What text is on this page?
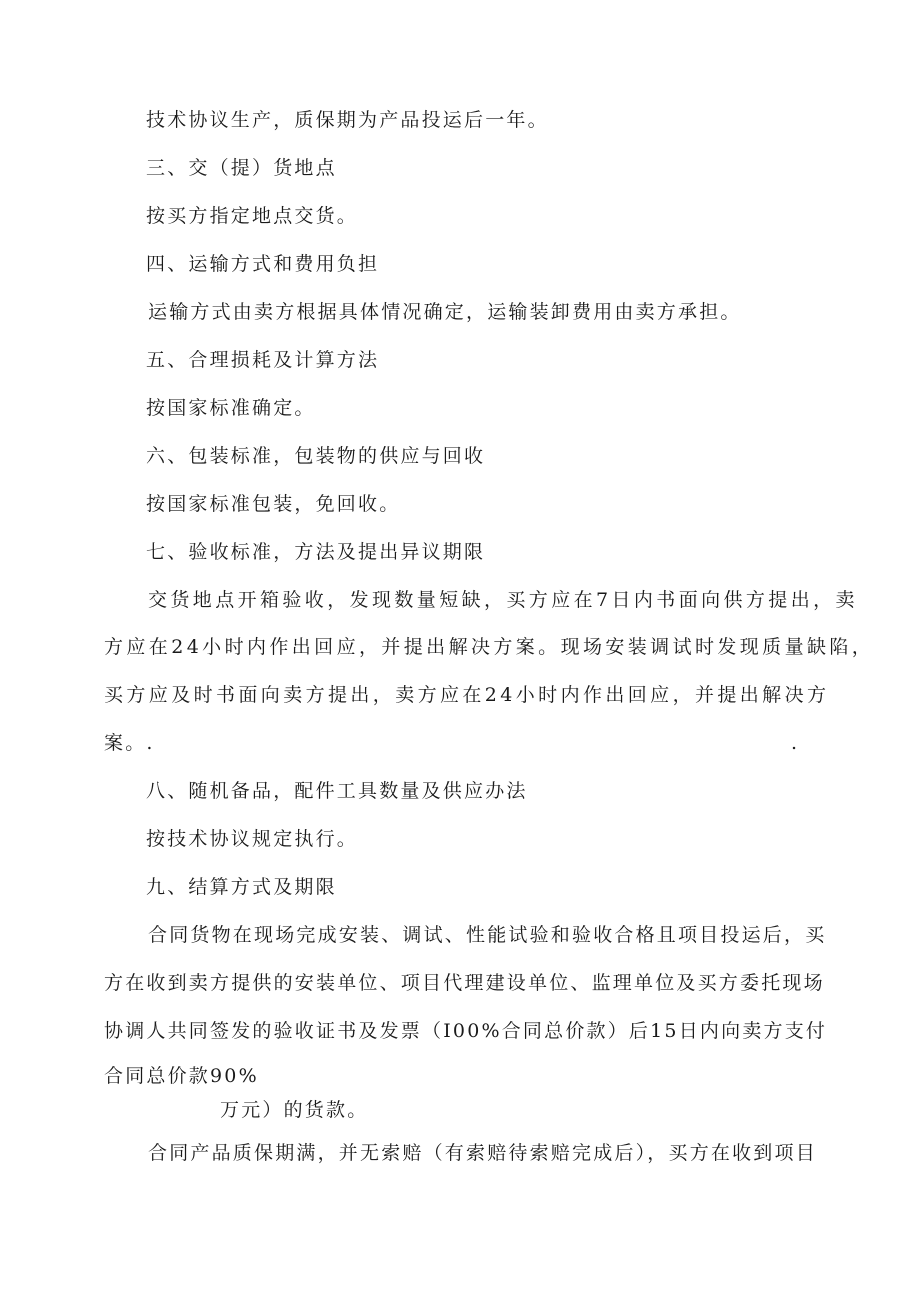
技术协议生产，质保期为产品投运后一年。
三、交（提）货地点
按买方指定地点交货。
四、运输方式和费用负担
运输方式由卖方根据具体情况确定，运输装卸费用由卖方承担。
五、合理损耗及计算方法
按国家标准确定。
六、包装标准，包装物的供应与回收
按国家标准包装，免回收。
七、验收标准，方法及提出异议期限
交货地点开箱验收，发现数量短缺，买方应在7日内书面向供方提出，卖
方应在24小时内作出回应，并提出解决方案。现场安装调试时发现质量缺陷，
买方应及时书面向卖方提出，卖方应在24小时内作出回应，并提出解决方
案。.	.
八、随机备品，配件工具数量及供应办法
按技术协议规定执行。
九、结算方式及期限
合同货物在现场完成安装、调试、性能试验和验收合格且项目投运后，买
方在收到卖方提供的安装单位、项目代理建设单位、监理单位及买方委托现场
协调人共同签发的验收证书及发票（I00%合同总价款）后15日内向卖方支付
合同总价款90%
万元）的货款。
合同产品质保期满，并无索赔（有索赔待索赔完成后），买方在收到项目
